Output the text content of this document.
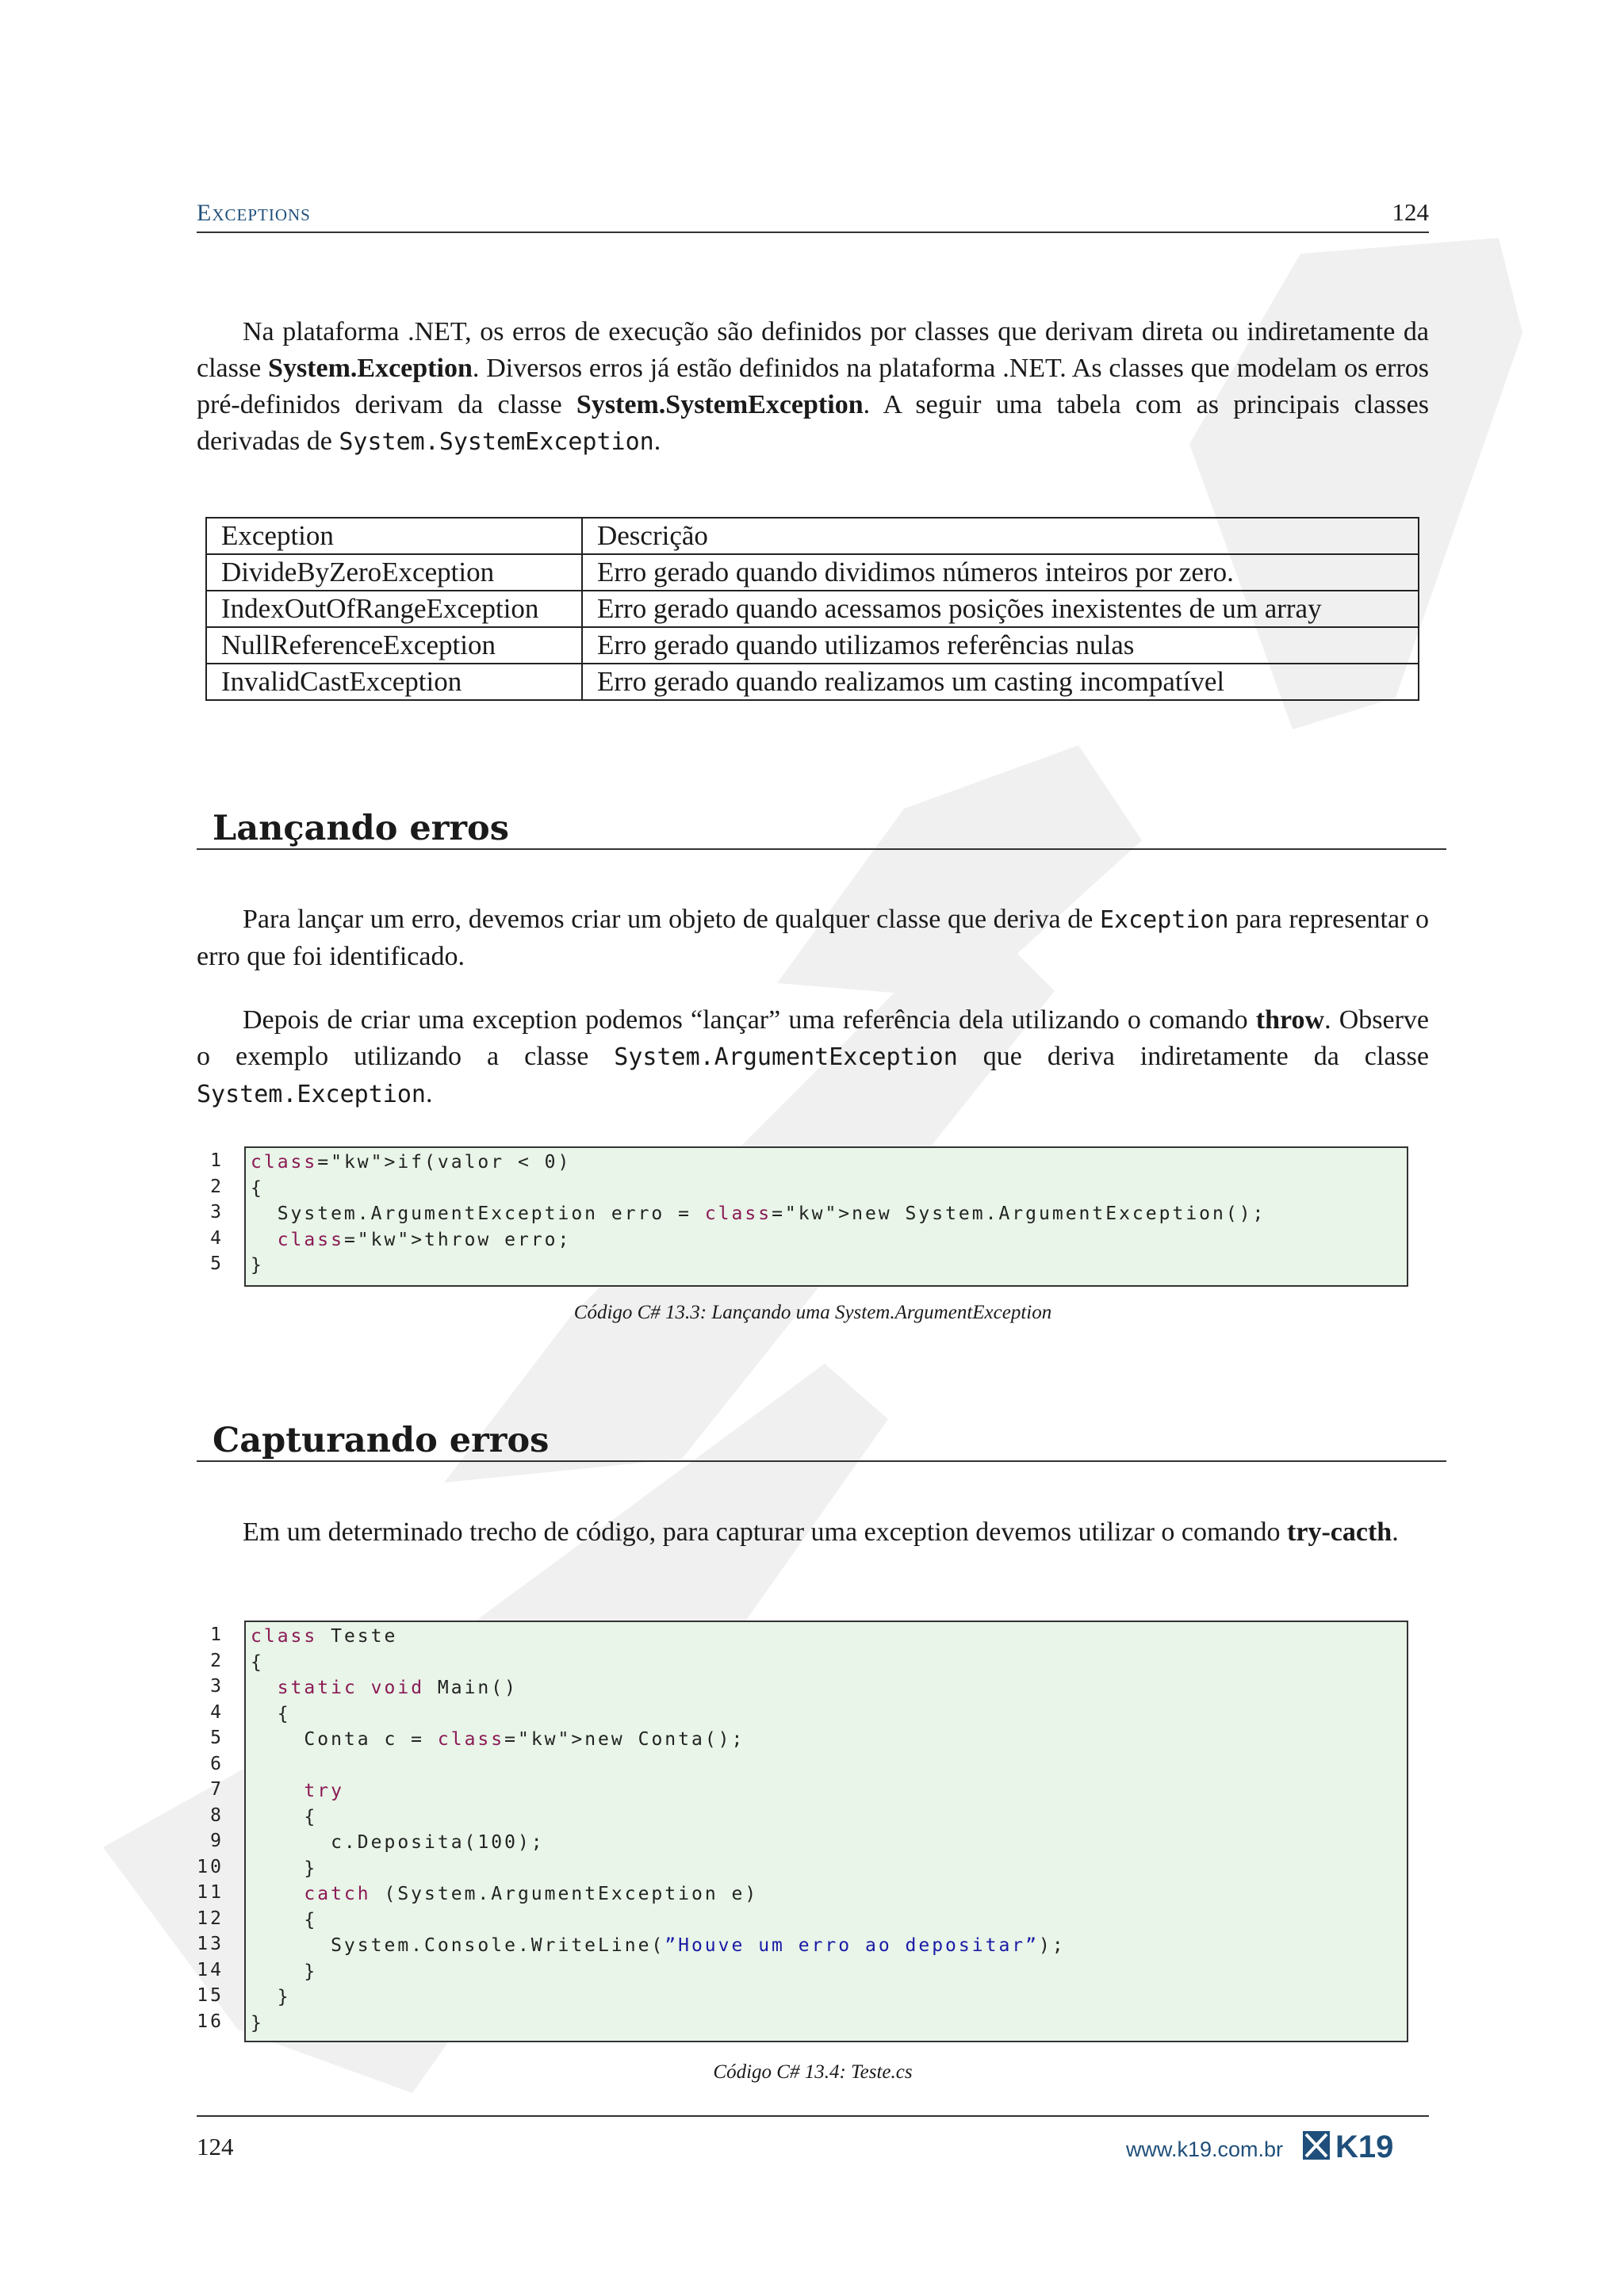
Exceptions	124
Na plataforma .NET, os erros de execução são definidos por classes que derivam direta ou indiretamente da classe System.Exception. Diversos erros já estão definidos na plataforma .NET. As classes que modelam os erros pré-definidos derivam da classe System.SystemException. A seguir uma tabela com as principais classes derivadas de System.SystemException.
Exception	Descrição
DivideByZeroException	Erro gerado quando dividimos números inteiros por zero.
IndexOutOfRangeException	Erro gerado quando acessamos posições inexistentes de um array
NullReferenceException	Erro gerado quando utilizamos referências nulas
InvalidCastException	Erro gerado quando realizamos um casting incompatível
Lançando erros
Para lançar um erro, devemos criar um objeto de qualquer classe que deriva de Exception para representar o erro que foi identificado.
Depois de criar uma exception podemos “lançar” uma referência dela utilizando o comando throw. Observe o exemplo utilizando a classe System.ArgumentException que deriva indiretamente da classe System.Exception.
1
2
3
4
5
class="kw">if(valor < 0)
{
System.ArgumentException erro = class="kw">new System.ArgumentException();
class="kw">throw erro;
}
Código C# 13.3: Lançando uma System.ArgumentException
Capturando erros
Em um determinado trecho de código, para capturar uma exception devemos utilizar o comando try-cacth.
1
2
3
4
5
6
7
8
9
10
11
12
13
14
15
16
class Teste
{
static void Main()
{
Conta c = class="kw">new Conta();

try
{
c.Deposita(100);
}
catch (System.ArgumentException e)
{
System.Console.WriteLine(”Houve um erro ao depositar”);
}
}
}
Código C# 13.4: Teste.cs
124	www.k19.com.br K19
